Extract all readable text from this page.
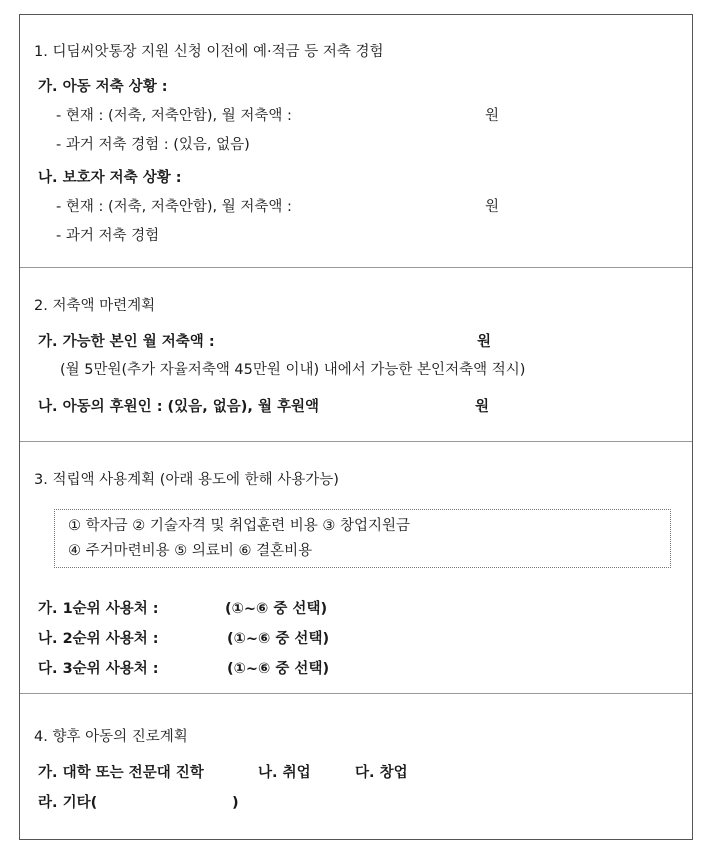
1. 디딤씨앗통장 지원 신청 이전에 예·적금 등 저축 경험
가. 아동 저축 상황 :
- 현재 : (저축, 저축안함), 월 저축액 :	원
- 과거 저축 경험 : (있음, 없음)
나. 보호자 저축 상황 :
- 현재 : (저축, 저축안함), 월 저축액 :	원
- 과거 저축 경험
2. 저축액 마련계획
가. 가능한 본인 월 저축액 :	원
(월 5만원(추가 자율저축액 45만원 이내) 내에서 가능한 본인저축액 적시)
나. 아동의 후원인 : (있음, 없음), 월 후원액	원
3. 적립액 사용계획 (아래 용도에 한해 사용가능)
① 학자금 ② 기술자격 및 취업훈련 비용 ③ 창업지원금
④ 주거마련비용 ⑤ 의료비 ⑥ 결혼비용
가. 1순위 사용처 :	(①~⑥ 중 선택)
나. 2순위 사용처 :	(①~⑥ 중 선택)
다. 3순위 사용처 :	(①~⑥ 중 선택)
4. 향후 아동의 진로계획
가. 대학 또는 전문대 진학	나. 취업	다. 창업
라. 기타(	)
